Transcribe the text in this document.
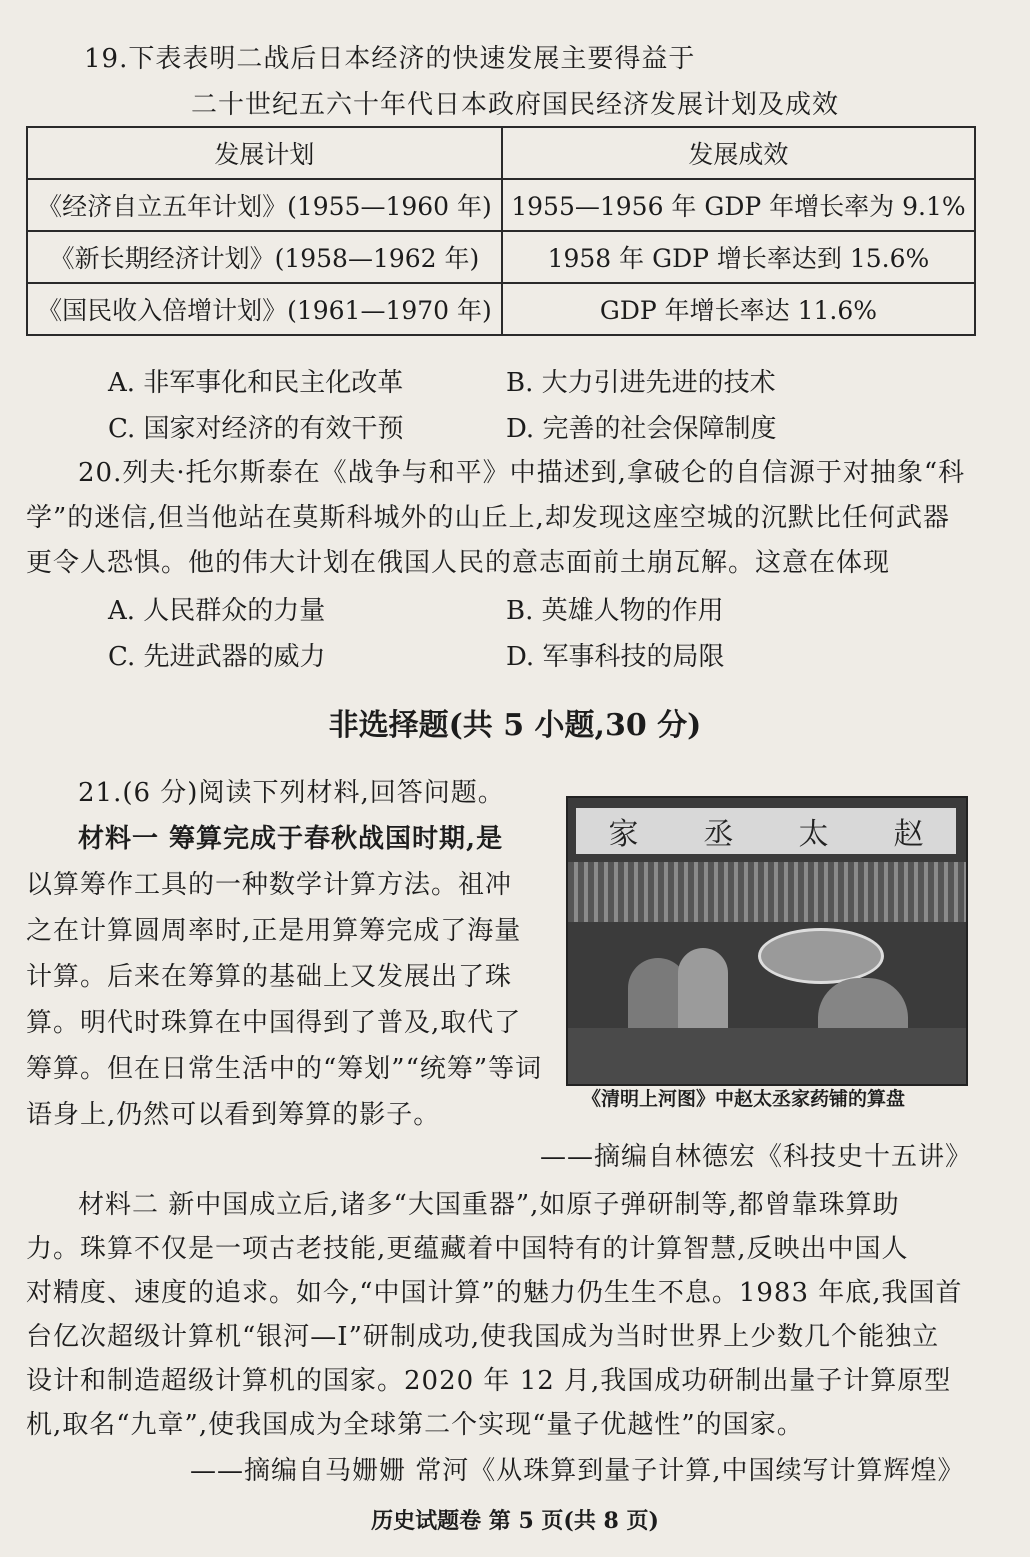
19.下表表明二战后日本经济的快速发展主要得益于
二十世纪五六十年代日本政府国民经济发展计划及成效
发展计划	发展成效
《经济自立五年计划》(1955—1960 年)	1955—1956 年 GDP 年增长率为 9.1%
《新长期经济计划》(1958—1962 年)	1958 年 GDP 增长率达到 15.6%
《国民收入倍增计划》(1961—1970 年)	GDP 年增长率达 11.6%
A. 非军事化和民主化改革	B. 大力引进先进的技术
C. 国家对经济的有效干预	D. 完善的社会保障制度
20.列夫·托尔斯泰在《战争与和平》中描述到,拿破仑的自信源于对抽象“科
学”的迷信,但当他站在莫斯科城外的山丘上,却发现这座空城的沉默比任何武器
更令人恐惧。他的伟大计划在俄国人民的意志面前土崩瓦解。这意在体现
A. 人民群众的力量	B. 英雄人物的作用
C. 先进武器的威力	D. 军事科技的局限
非选择题(共 5 小题,30 分)
21.(6 分)阅读下列材料,回答问题。
材料一 筹算完成于春秋战国时期,是
以算筹作工具的一种数学计算方法。祖冲
之在计算圆周率时,正是用算筹完成了海量
计算。后来在筹算的基础上又发展出了珠
算。明代时珠算在中国得到了普及,取代了
筹算。但在日常生活中的“筹划”“统筹”等词
语身上,仍然可以看到筹算的影子。
家 丞 太 赵
《清明上河图》中赵太丞家药铺的算盘
——摘编自林德宏《科技史十五讲》
材料二 新中国成立后,诸多“大国重器”,如原子弹研制等,都曾靠珠算助
力。珠算不仅是一项古老技能,更蕴藏着中国特有的计算智慧,反映出中国人
对精度、速度的追求。如今,“中国计算”的魅力仍生生不息。1983 年底,我国首
台亿次超级计算机“银河—I”研制成功,使我国成为当时世界上少数几个能独立
设计和制造超级计算机的国家。2020 年 12 月,我国成功研制出量子计算原型
机,取名“九章”,使我国成为全球第二个实现“量子优越性”的国家。
——摘编自马姗姗 常河《从珠算到量子计算,中国续写计算辉煌》
历史试题卷 第 5 页(共 8 页)
